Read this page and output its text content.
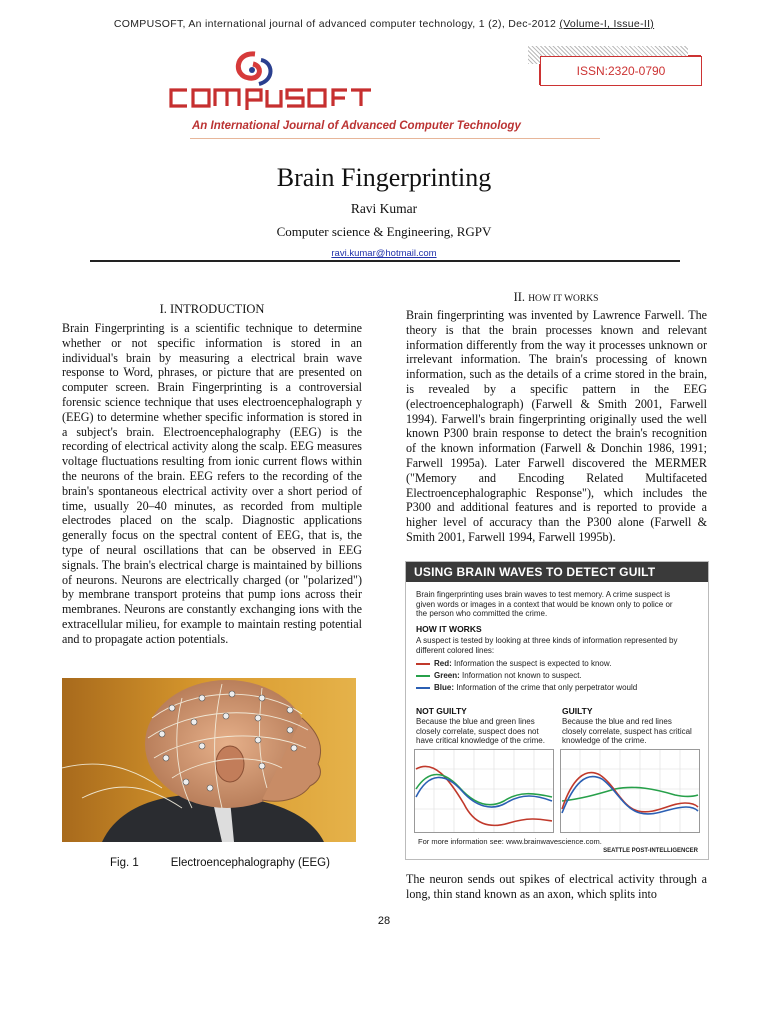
COMPUSOFT, An international journal of advanced computer technology, 1 (2), Dec-2012 (Volume-I, Issue-II)
ISSN:2320-0790
An International Journal of Advanced Computer Technology
Brain Fingerprinting
Ravi Kumar
Computer science & Engineering, RGPV
ravi.kumar@hotmail.com
I. INTRODUCTION
Brain Fingerprinting is a scientific technique to determine whether or not specific information is stored in an individual's brain by measuring a electrical brain wave response to Word, phrases, or picture that are presented on computer screen. Brain Fingerprinting is a controversial forensic science technique that uses electroencephalograph y (EEG) to determine whether specific information is stored in a subject's brain. Electroencephalography (EEG) is the recording of electrical activity along the scalp. EEG measures voltage fluctuations resulting from ionic current flows within the neurons of the brain. EEG refers to the recording of the brain's spontaneous electrical activity over a short period of time, usually 20–40 minutes, as recorded from multiple electrodes placed on the scalp. Diagnostic applications generally focus on the spectral content of EEG, that is, the type of neural oscillations that can be observed in EEG signals. The brain's electrical charge is maintained by billions of neurons. Neurons are electrically charged (or "polarized") by membrane transport proteins that pump ions across their membranes. Neurons are constantly exchanging ions with the extracellular milieu, for example to maintain resting potential and to propagate action potentials.
Fig. 1	Electroencephalography (EEG)
II. HOW IT WORKS
Brain fingerprinting was invented by Lawrence Farwell. The theory is that the brain processes known and relevant information differently from the way it processes unknown or irrelevant information. The brain's processing of known information, such as the details of a crime stored in the brain, is revealed by a specific pattern in the EEG (electroencephalograph) (Farwell & Smith 2001, Farwell 1994). Farwell's brain fingerprinting originally used the well known P300 brain response to detect the brain's recognition of the known information (Farwell & Donchin 1986, 1991; Farwell 1995a). Later Farwell discovered the MERMER ("Memory and Encoding Related Multifaceted Electroencephalographic Response"), which includes the P300 and additional features and is reported to provide a higher level of accuracy than the P300 alone (Farwell & Smith 2001, Farwell 1994, Farwell 1995b).
USING BRAIN WAVES TO DETECT GUILT
Brain fingerprinting uses brain waves to test memory. A crime suspect is
given words or images in a context that would be known only to police or
the person who committed the crime.
HOW IT WORKS
A suspect is tested by looking at three kinds of information represented by
different colored lines:
Red: Information the suspect is expected to know.
Green: Information not known to suspect.
Blue: Information of the crime that only perpetrator would
NOT GUILTY
Because the blue and green lines
closely correlate, suspect does not
have critical knowledge of the crime.
GUILTY
Because the blue and red lines
closely correlate, suspect has critical
knowledge of the crime.
For more information see: www.brainwavescience.com.
SEATTLE POST-INTELLIGENCER
The neuron sends out spikes of electrical activity through a long, thin stand known as an axon, which splits into
28
